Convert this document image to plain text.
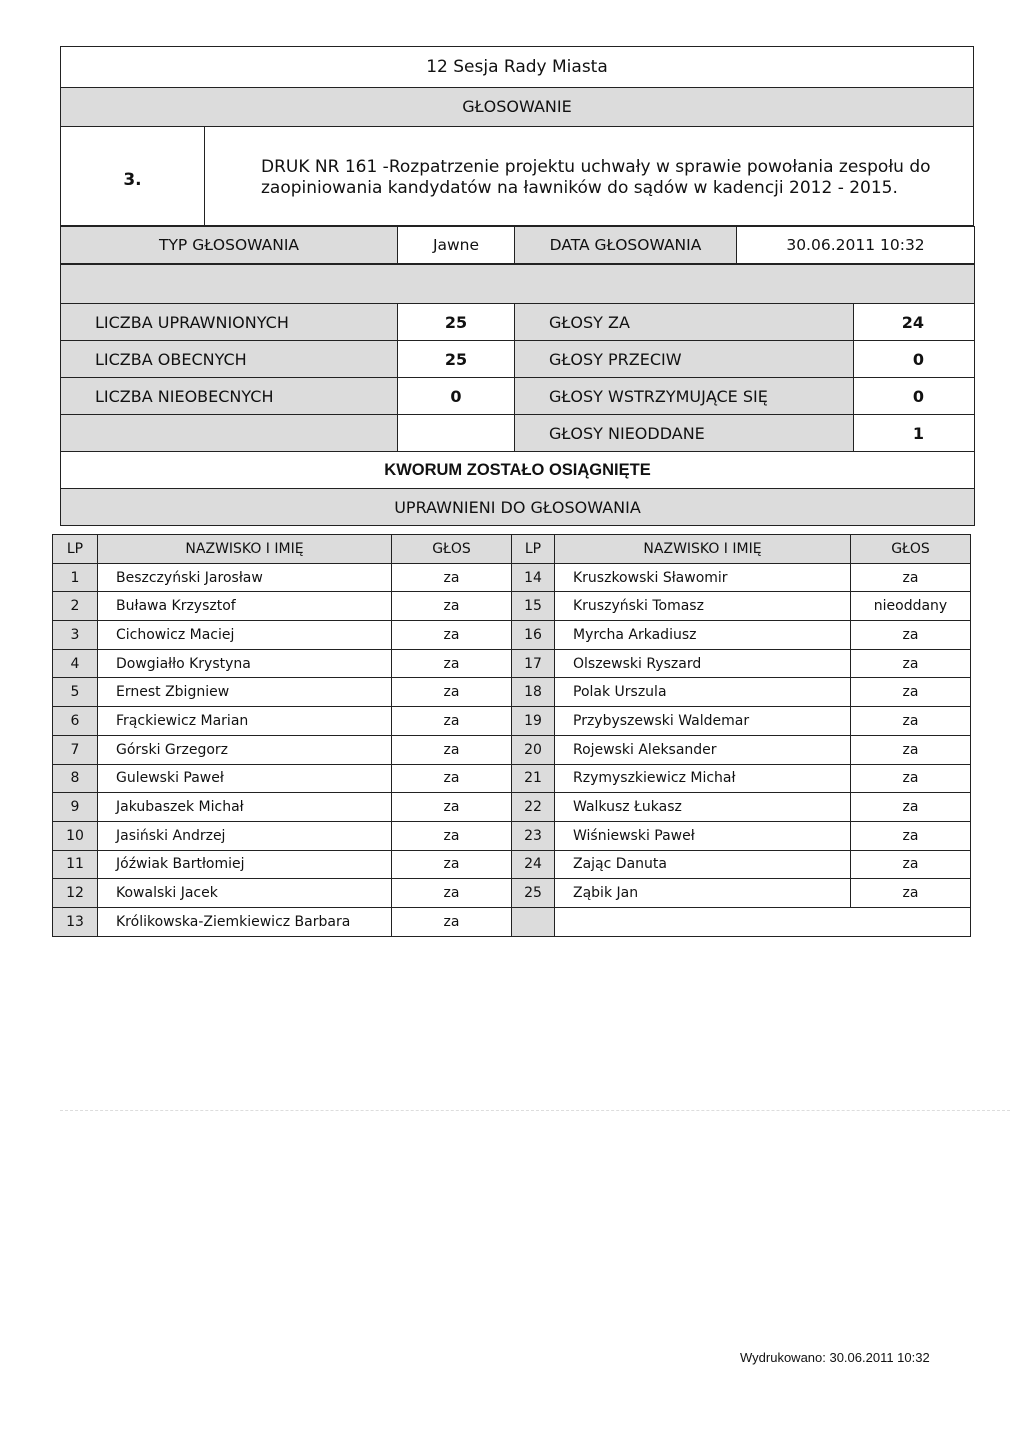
12 Sesja Rady Miasta
GŁOSOWANIE
3.
DRUK NR 161 -Rozpatrzenie projektu uchwały w sprawie powołania zespołu do
zaopiniowania kandydatów na ławników do sądów w kadencji 2012 - 2015.
TYP GŁOSOWANIA	Jawne	DATA GŁOSOWANIA	30.06.2011 10:32

LICZBA UPRAWNIONYCH	25	GŁOSY ZA	24
LICZBA OBECNYCH	25	GŁOSY PRZECIW	0
LICZBA NIEOBECNYCH	0	GŁOSY WSTRZYMUJĄCE SIĘ	0
		GŁOSY NIEODDANE	1
KWORUM ZOSTAŁO OSIĄGNIĘTE			
UPRAWNIENI DO GŁOSOWANIA			
LP	NAZWISKO I IMIĘ	GŁOS	LP	NAZWISKO I IMIĘ	GŁOS
1	Beszczyński Jarosław	za	14	Kruszkowski Sławomir	za
2	Buława Krzysztof	za	15	Kruszyński Tomasz	nieoddany
3	Cichowicz Maciej	za	16	Myrcha Arkadiusz	za
4	Dowgiałło Krystyna	za	17	Olszewski Ryszard	za
5	Ernest Zbigniew	za	18	Polak Urszula	za
6	Frąckiewicz Marian	za	19	Przybyszewski Waldemar	za
7	Górski Grzegorz	za	20	Rojewski Aleksander	za
8	Gulewski Paweł	za	21	Rzymyszkiewicz Michał	za
9	Jakubaszek Michał	za	22	Walkusz Łukasz	za
10	Jasiński Andrzej	za	23	Wiśniewski Paweł	za
11	Jóźwiak Bartłomiej	za	24	Zając Danuta	za
12	Kowalski Jacek	za	25	Ząbik Jan	za
13	Królikowska-Ziemkiewicz Barbara	za			
Wydrukowano: 30.06.2011 10:32
